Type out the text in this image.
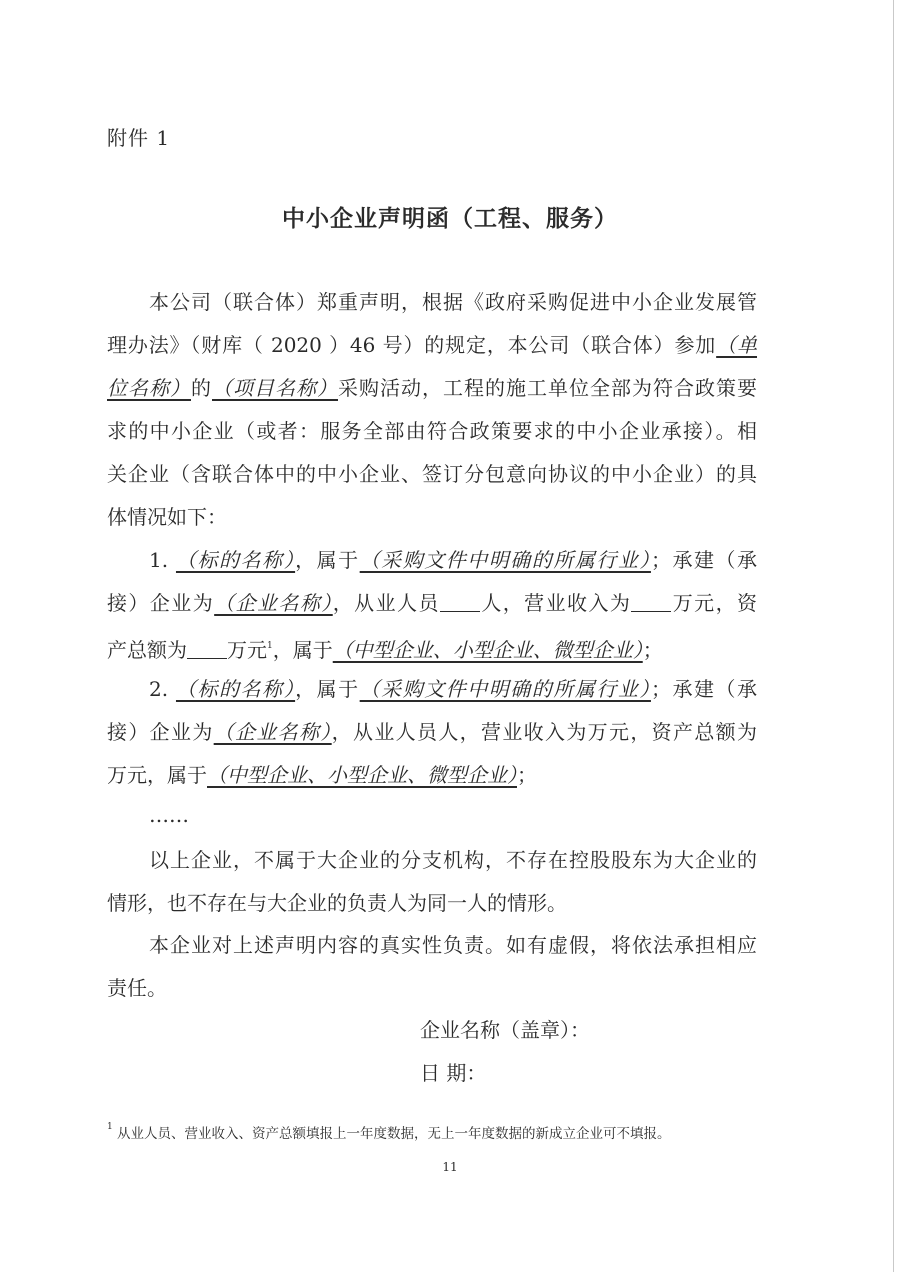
附件 1
中小企业声明函（工程、服务）
本公司（联合体）郑重声明，根据《政府采购促进中小企业发展管
理办法》（财库（ 2020 ）46 号）的规定，本公司（联合体）参加（单
位名称）的（项目名称）采购活动，工程的施工单位全部为符合政策要
求的中小企业（或者：服务全部由符合政策要求的中小企业承接）。相
关企业（含联合体中的中小企业、签订分包意向协议的中小企业）的具
体情况如下：
1. （标的名称），属于（采购文件中明确的所属行业）；承建（承
接）企业为（企业名称），从业人员 人，营业收入为 万元，资
产总额为 万元$^1$，属于（中型企业、小型企业、微型企业）；
2. （标的名称），属于（采购文件中明确的所属行业）；承建（承
接）企业为（企业名称），从业人员人，营业收入为万元，资产总额为
万元，属于（中型企业、小型企业、微型企业）；
……
以上企业，不属于大企业的分支机构，不存在控股股东为大企业的
情形，也不存在与大企业的负责人为同一人的情形。
本企业对上述声明内容的真实性负责。如有虚假，将依法承担相应
责任。
企业名称（盖章）：
日 期：
$^1$ 从业人员、营业收入、资产总额填报上一年度数据，无上一年度数据的新成立企业可不填报。
11
